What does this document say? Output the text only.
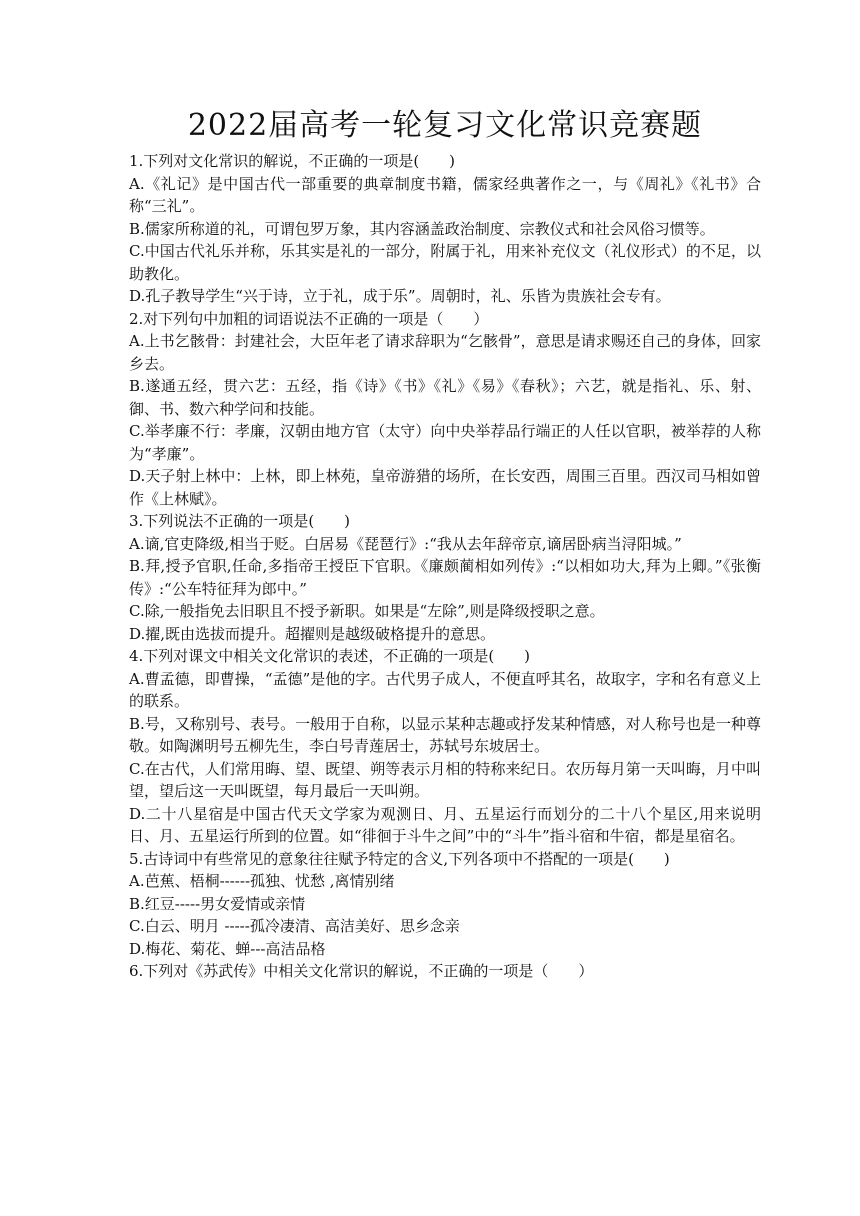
2022届高考一轮复习文化常识竞赛题

1.下列对文化常识的解说，不正确的一项是(　　)

A.《礼记》是中国古代一部重要的典章制度书籍，儒家经典著作之一，与《周礼》《礼书》合称“三礼”。

B.儒家所称道的礼，可谓包罗万象，其内容涵盖政治制度、宗教仪式和社会风俗习惯等。

C.中国古代礼乐并称，乐其实是礼的一部分，附属于礼，用来补充仪文（礼仪形式）的不足，以助教化。

D.孔子教导学生“兴于诗，立于礼，成于乐”。周朝时，礼、乐皆为贵族社会专有。

2.对下列句中加粗的词语说法不正确的一项是（　　）

A.上书乞骸骨：封建社会，大臣年老了请求辞职为“乞骸骨”，意思是请求赐还自己的身体，回家乡去。

B.遂通五经，贯六艺：五经，指《诗》《书》《礼》《易》《春秋》；六艺，就是指礼、乐、射、御、书、数六种学问和技能。

C.举孝廉不行：孝廉，汉朝由地方官（太守）向中央举荐品行端正的人任以官职，被举荐的人称为“孝廉”。

D.天子射上林中：上林，即上林苑，皇帝游猎的场所，在长安西，周围三百里。西汉司马相如曾作《上林赋》。

3.下列说法不正确的一项是(　　)

A.谪,官吏降级,相当于贬。白居易《琵琶行》:“我从去年辞帝京,谪居卧病当浔阳城。”

B.拜,授予官职,任命,多指帝王授臣下官职。《廉颇蔺相如列传》:“以相如功大,拜为上卿。”《张衡传》:“公车特征拜为郎中。”

C.除,一般指免去旧职且不授予新职。如果是“左除”,则是降级授职之意。

D.擢,既由选拔而提升。超擢则是越级破格提升的意思。

4.下列对课文中相关文化常识的表述，不正确的一项是(　　)

A.曹孟德，即曹操，“孟德”是他的字。古代男子成人，不便直呼其名，故取字，字和名有意义上的联系。

B.号，又称别号、表号。一般用于自称，以显示某种志趣或抒发某种情感，对人称号也是一种尊敬。如陶渊明号五柳先生，李白号青莲居士，苏轼号东坡居士。

C.在古代，人们常用晦、望、既望、朔等表示月相的特称来纪日。农历每月第一天叫晦，月中叫望，望后这一天叫既望，每月最后一天叫朔。

D.二十八星宿是中国古代天文学家为观测日、月、五星运行而划分的二十八个星区,用来说明日、月、五星运行所到的位置。如“徘徊于斗牛之间”中的“斗牛”指斗宿和牛宿，都是星宿名。

5.古诗词中有些常见的意象往往赋予特定的含义,下列各项中不搭配的一项是(　　)

A.芭蕉、梧桐------孤独、忧愁 ,离情别绪

B.红豆-----男女爱情或亲情

C.白云、明月 -----孤冷凄清、高洁美好、思乡念亲

D.梅花、菊花、蝉---高洁品格

6.下列对《苏武传》中相关文化常识的解说，不正确的一项是（　　）
